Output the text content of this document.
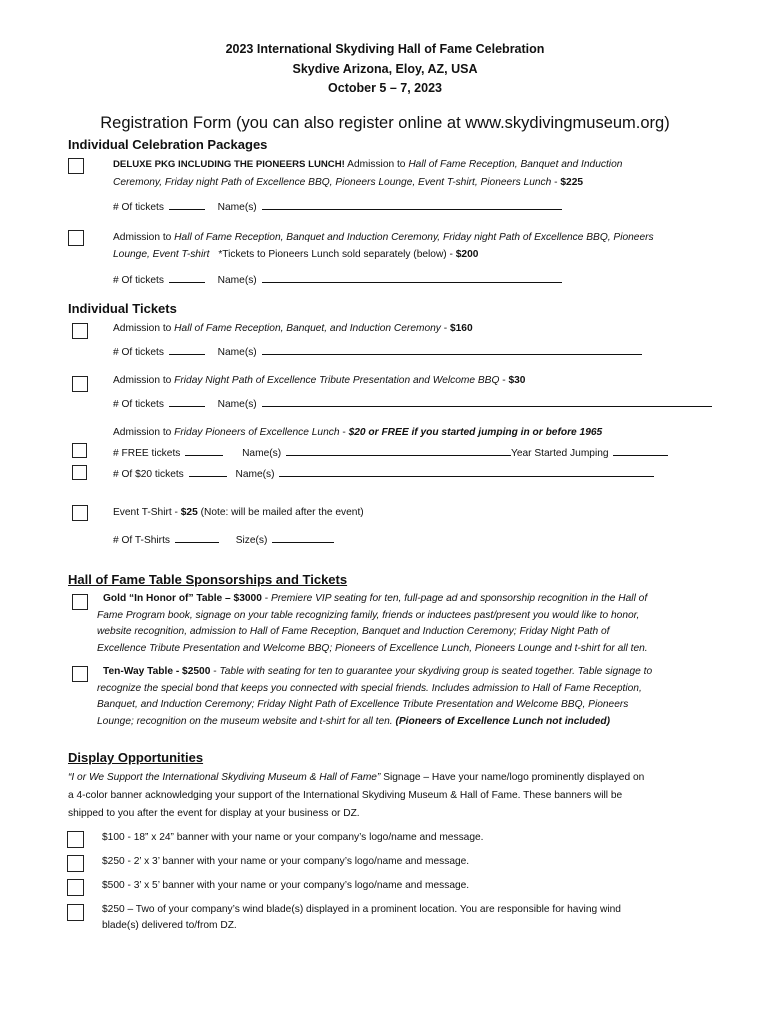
2023 International Skydiving Hall of Fame Celebration
Skydive Arizona, Eloy, AZ, USA
October 5 – 7, 2023
Registration Form (you can also register online at www.skydivingmuseum.org)
Individual Celebration Packages
DELUXE PKG INCLUDING THE PIONEERS LUNCH! Admission to Hall of Fame Reception, Banquet and Induction
Ceremony, Friday night Path of Excellence BBQ, Pioneers Lounge, Event T-shirt, Pioneers Lunch - $225
# Of tickets	Name(s)
Admission to Hall of Fame Reception, Banquet and Induction Ceremony, Friday night Path of Excellence BBQ, Pioneers
Lounge, Event T-shirt *Tickets to Pioneers Lunch sold separately (below) - $200
# Of tickets	Name(s)
Individual Tickets
Admission to Hall of Fame Reception, Banquet, and Induction Ceremony - $160
# Of tickets	Name(s)
Admission to Friday Night Path of Excellence Tribute Presentation and Welcome BBQ - $30
# Of tickets	Name(s)
Admission to Friday Pioneers of Excellence Lunch - $20 or FREE if you started jumping in or before 1965
# FREE tickets	Name(s)	Year Started Jumping
# Of $20 tickets	Name(s)
Event T-Shirt - $25 (Note: will be mailed after the event)
# Of T-Shirts	Size(s)
Hall of Fame Table Sponsorships and Tickets
Gold “In Honor of” Table – $3000 - Premiere VIP seating for ten, full-page ad and sponsorship recognition in the Hall of
Fame Program book, signage on your table recognizing family, friends or inductees past/present you would like to honor,
website recognition, admission to Hall of Fame Reception, Banquet and Induction Ceremony; Friday Night Path of
Excellence Tribute Presentation and Welcome BBQ; Pioneers of Excellence Lunch, Pioneers Lounge and t-shirt for all ten.
Ten-Way Table - $2500 - Table with seating for ten to guarantee your skydiving group is seated together. Table signage to
recognize the special bond that keeps you connected with special friends. Includes admission to Hall of Fame Reception,
Banquet, and Induction Ceremony; Friday Night Path of Excellence Tribute Presentation and Welcome BBQ, Pioneers
Lounge; recognition on the museum website and t-shirt for all ten. (Pioneers of Excellence Lunch not included)
Display Opportunities
“I or We Support the International Skydiving Museum & Hall of Fame” Signage – Have your name/logo prominently displayed on
a 4-color banner acknowledging your support of the International Skydiving Museum & Hall of Fame. These banners will be
shipped to you after the event for display at your business or DZ.
$100 - 18” x 24” banner with your name or your company’s logo/name and message.
$250 - 2’ x 3’ banner with your name or your company’s logo/name and message.
$500 - 3’ x 5’ banner with your name or your company’s logo/name and message.
$250 – Two of your company’s wind blade(s) displayed in a prominent location. You are responsible for having wind
blade(s) delivered to/from DZ.
